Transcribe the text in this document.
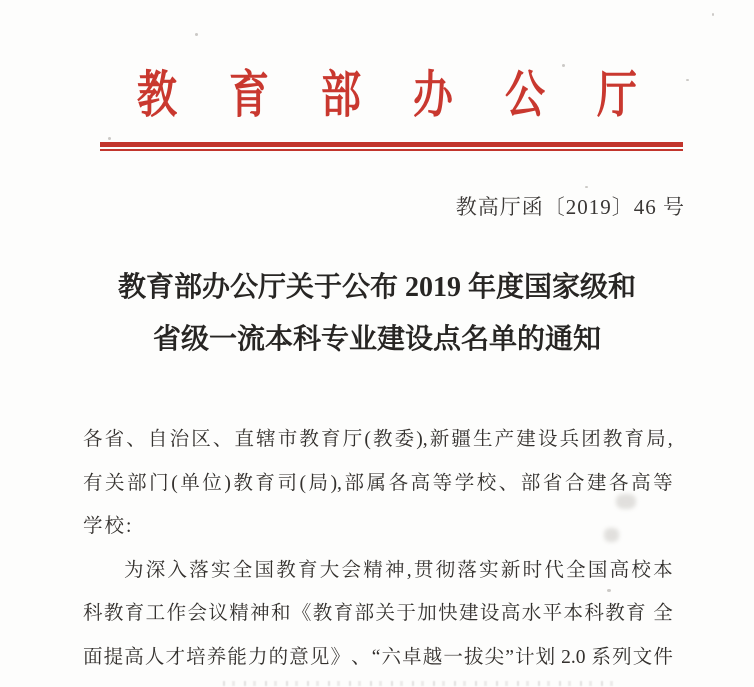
教 育 部 办 公 厅
教高厅函〔2019〕46 号
教育部办公厅关于公布 2019 年度国家级和
省级一流本科专业建设点名单的通知
各 省 、 自 治 区 、 直 辖 市 教 育 厅 ( 教 委 ), 新 疆 生 产 建 设 兵 团 教 育 局 ,
有 关 部 门 ( 单 位 ) 教 育 司 ( 局 ), 部 属 各 高 等 学 校 、 部 省 合 建 各 高 等
学校:
为 深 入 落 实 全 国 教 育 大 会 精 神 , 贯 彻 落 实 新 时 代 全 国 高 校 本
科 教 育 工 作 会 议 精 神 和 《 教 育 部 关 于 加 快 建 设 高 水 平 本 科 教 育
全
面 提 高 人 才 培 养 能 力 的 意 见 》 、 “ 六 卓 越 一 拔 尖 ” 计 划 2.0 系 列 文 件
